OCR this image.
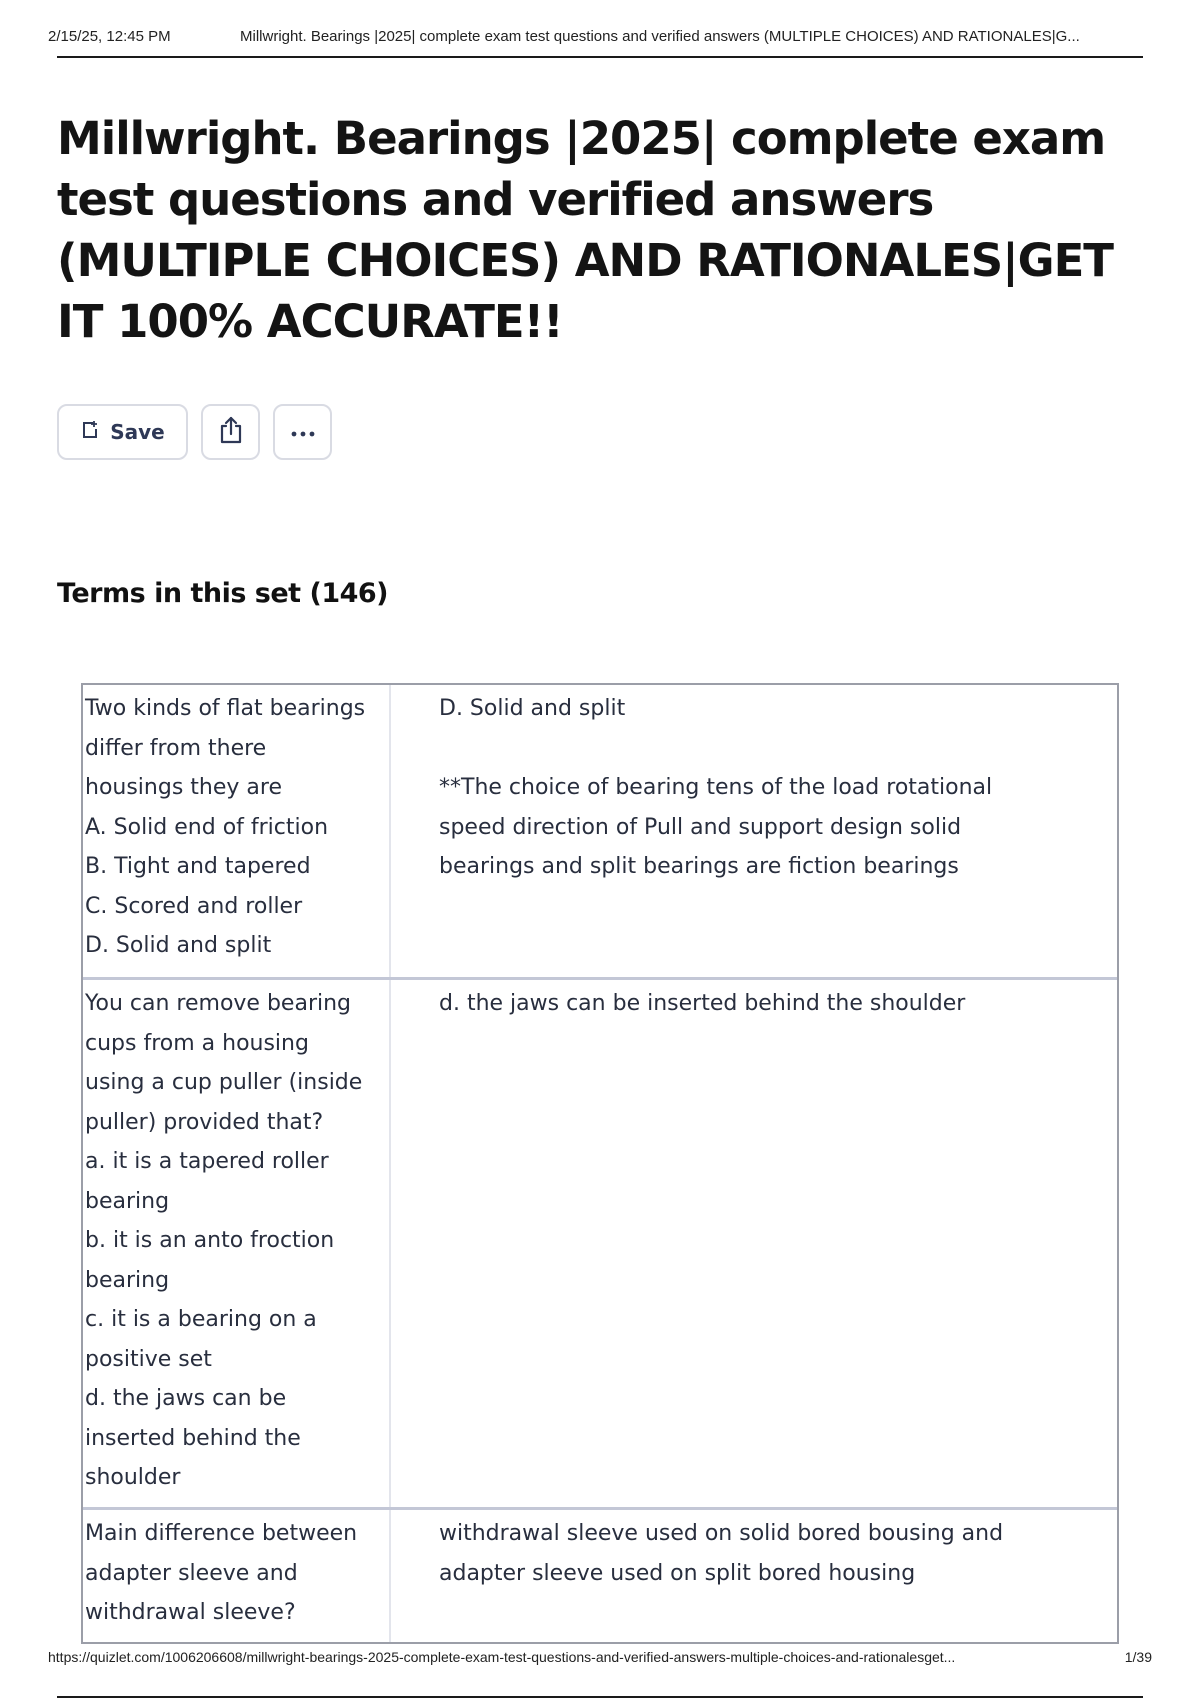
2/15/25, 12:45 PM	Millwright. Bearings |2025| complete exam test questions and verified answers (MULTIPLE CHOICES) AND RATIONALES|G...
Millwright. Bearings |2025| complete exam test questions and verified answers (MULTIPLE CHOICES) AND RATIONALES|GET IT 100% ACCURATE!!
Save
Terms in this set (146)
Two kinds of flat bearings
differ from there
housings they are
A. Solid end of friction
B. Tight and tapered
C. Scored and roller
D. Solid and split
D. Solid and split

**The choice of bearing tens of the load rotational
speed direction of Pull and support design solid
bearings and split bearings are fiction bearings
You can remove bearing
cups from a housing
using a cup puller (inside
puller) provided that?
a. it is a tapered roller
bearing
b. it is an anto froction
bearing
c. it is a bearing on a
positive set
d. the jaws can be
inserted behind the
shoulder
d. the jaws can be inserted behind the shoulder
Main difference between
adapter sleeve and
withdrawal sleeve?
withdrawal sleeve used on solid bored bousing and
adapter sleeve used on split bored housing
https://quizlet.com/1006206608/millwright-bearings-2025-complete-exam-test-questions-and-verified-answers-multiple-choices-and-rationalesget...	1/39
